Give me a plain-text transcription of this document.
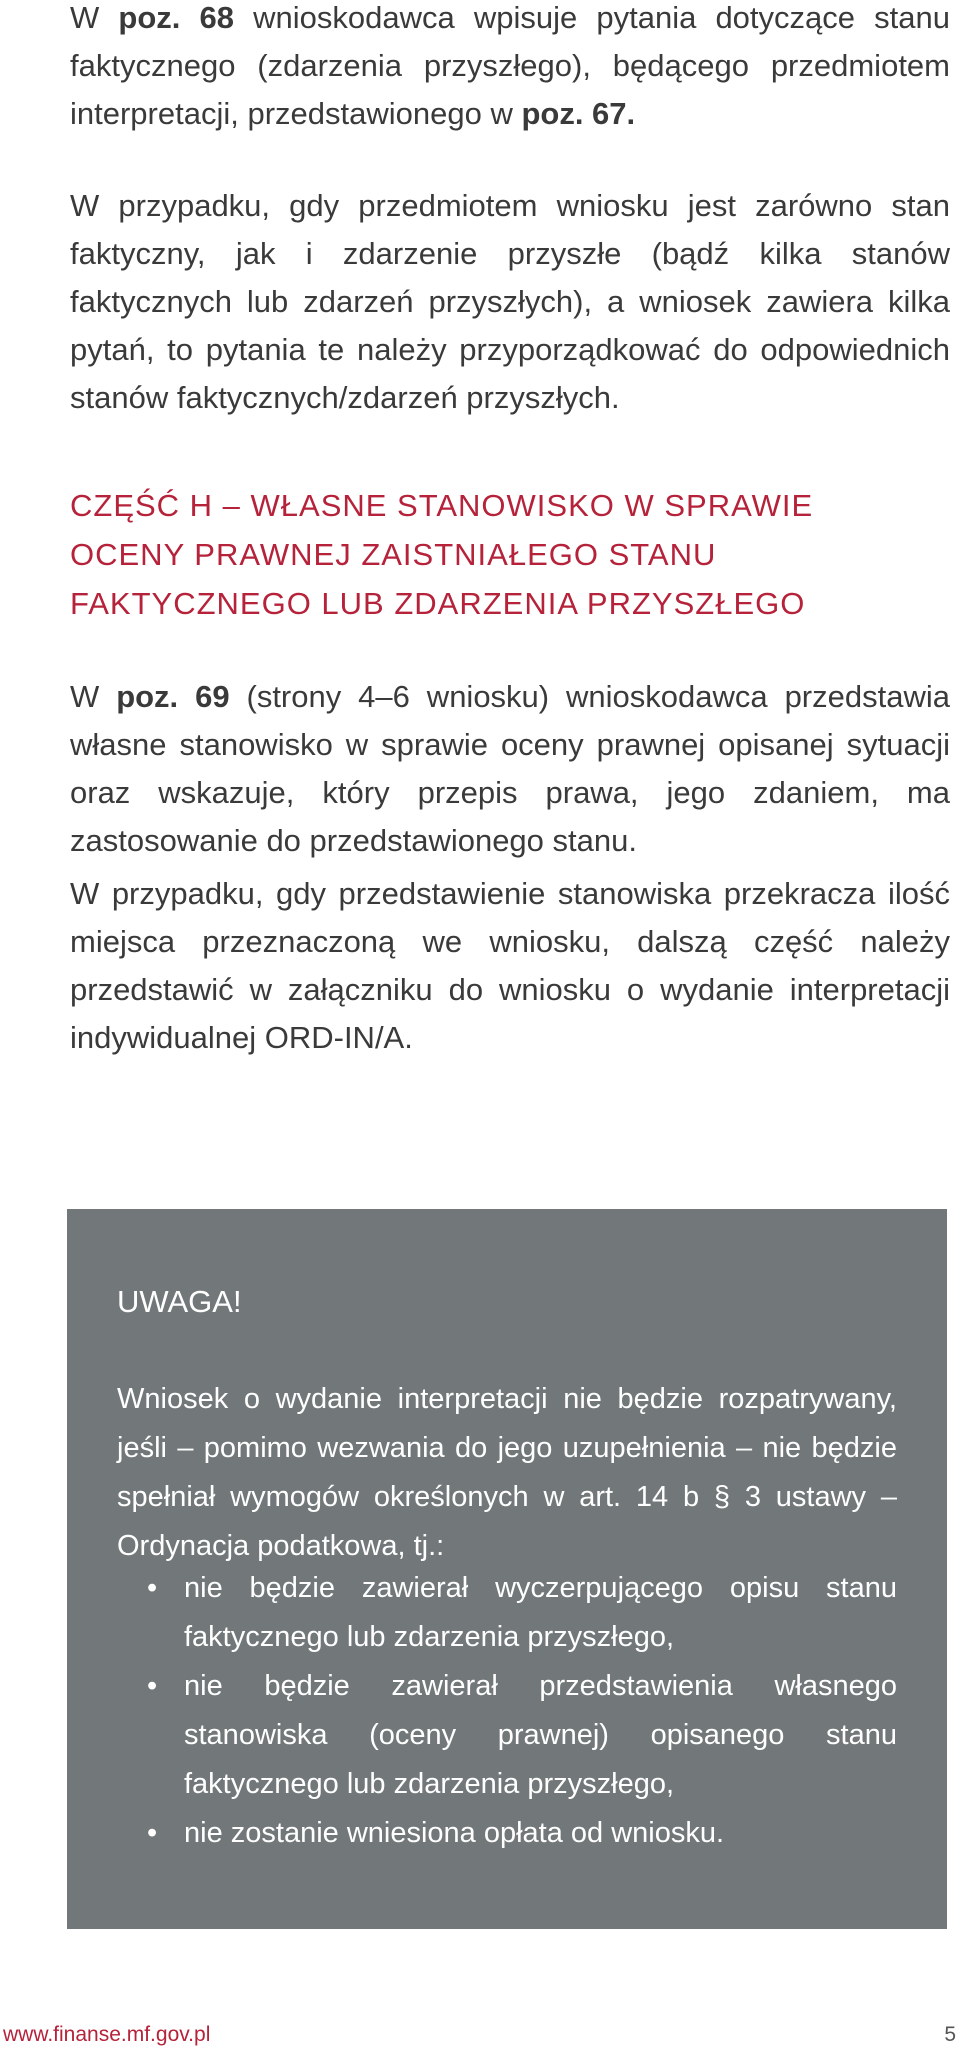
W poz. 68 wnioskodawca wpisuje pytania dotyczące stanu faktycznego (zdarzenia przyszłego), będącego przedmiotem interpretacji, przedstawionego w poz. 67.

W przypadku, gdy przedmiotem wniosku jest zarówno stan faktyczny, jak i zdarzenie przyszłe (bądź kilka stanów faktycznych lub zdarzeń przyszłych), a wniosek zawiera kilka pytań, to pytania te należy przyporządkować do odpowiednich stanów faktycznych/zdarzeń przyszłych.

CZĘŚĆ H – WŁASNE STANOWISKO W SPRAWIE
OCENY PRAWNEJ ZAISTNIAŁEGO STANU
FAKTYCZNEGO LUB ZDARZENIA PRZYSZŁEGO

W poz. 69 (strony 4–6 wniosku) wnioskodawca przedstawia własne stanowisko w sprawie oceny prawnej opisanej sytuacji oraz wskazuje, który przepis prawa, jego zdaniem, ma zastosowanie do przedstawionego stanu.

W przypadku, gdy przedstawienie stanowiska przekracza ilość miejsca przeznaczoną we wniosku, dalszą część należy przedstawić w załączniku do wniosku o wydanie interpretacji indywidualnej ORD-IN/A.

UWAGA!

Wniosek o wydanie interpretacji nie będzie rozpatrywany, jeśli – pomimo wezwania do jego uzupełnienia – nie będzie spełniał wymogów określonych w art. 14 b § 3 ustawy – Ordynacja podatkowa, tj.:

• nie będzie zawierał wyczerpującego opisu stanu faktycznego lub zdarzenia przyszłego,
• nie będzie zawierał przedstawienia własnego stanowiska (oceny prawnej) opisanego stanu faktycznego lub zdarzenia przyszłego,
• nie zostanie wniesiona opłata od wniosku.
www.finanse.mf.gov.pl	5
